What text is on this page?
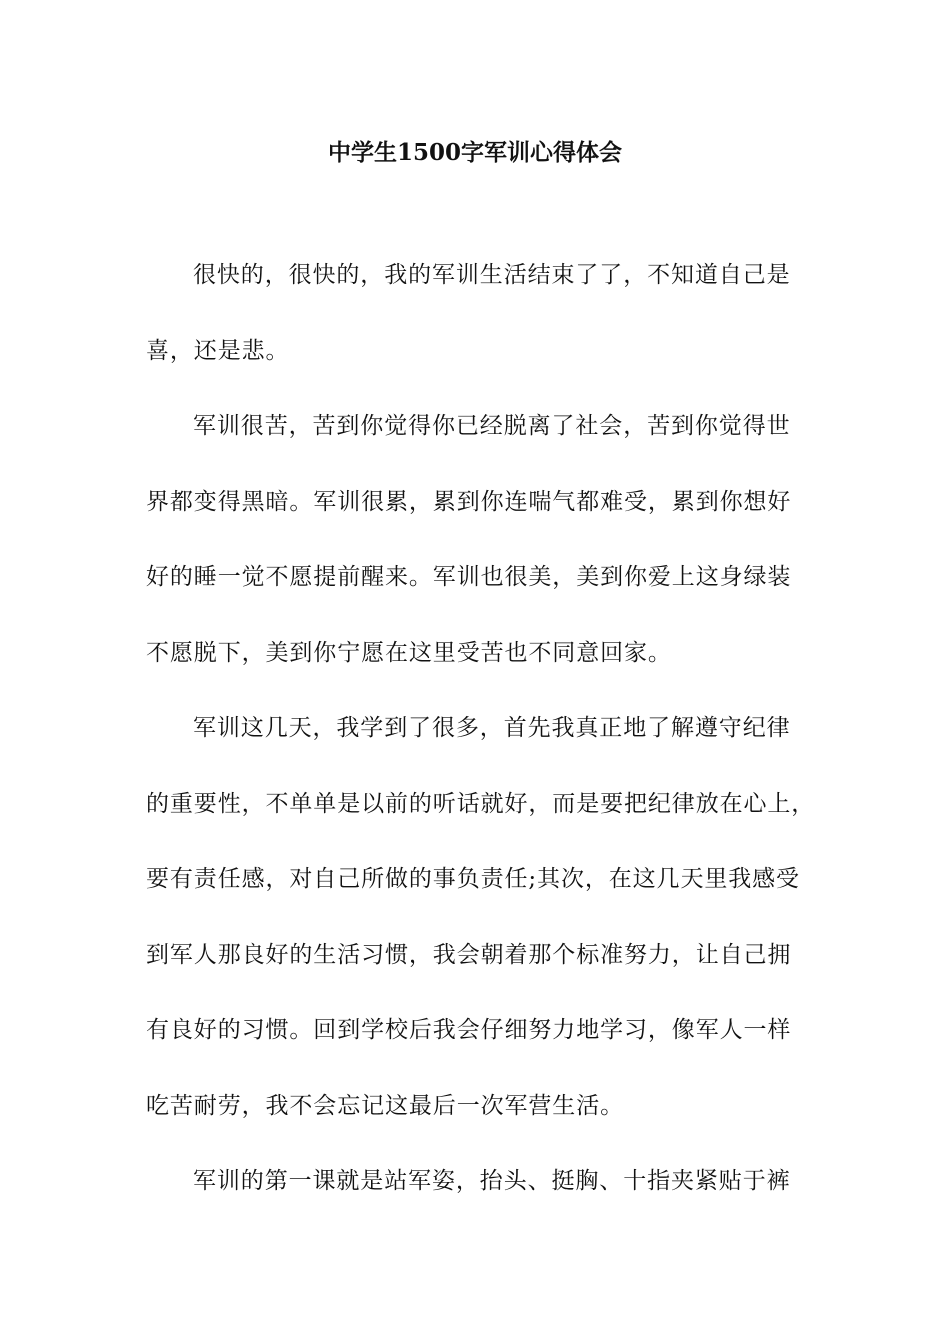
中学生1500字军训心得体会
很快的，很快的，我的军训生活结束了了，不知道自己是
喜，还是悲。
军训很苦，苦到你觉得你已经脱离了社会，苦到你觉得世
界都变得黑暗。军训很累，累到你连喘气都难受，累到你想好
好的睡一觉不愿提前醒来。军训也很美，美到你爱上这身绿装
不愿脱下，美到你宁愿在这里受苦也不同意回家。
军训这几天，我学到了很多，首先我真正地了解遵守纪律
的重要性，不单单是以前的听话就好，而是要把纪律放在心上，
要有责任感，对自己所做的事负责任;其次，在这几天里我感受
到军人那良好的生活习惯，我会朝着那个标准努力，让自己拥
有良好的习惯。回到学校后我会仔细努力地学习，像军人一样
吃苦耐劳，我不会忘记这最后一次军营生活。
军训的第一课就是站军姿，抬头、挺胸、十指夹紧贴于裤
